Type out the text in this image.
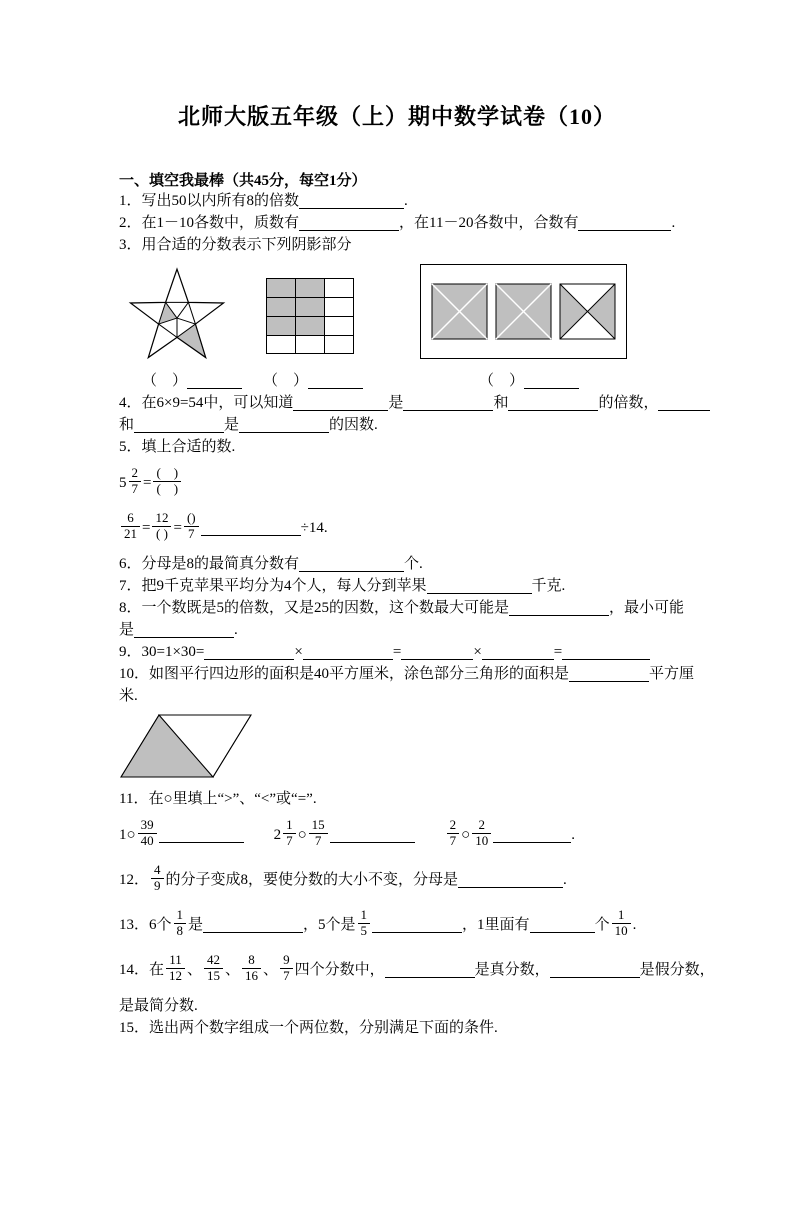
北师大版五年级（上）期中数学试卷（10）
一、填空我最棒（共45分，每空1分）
1．写出50以内所有8的倍数	.
2．在1－10各数中，质数有	，在11－20各数中，合数有	.
3．用合适的分数表示下列阴影部分
（　）	（　）	（　）
4．在6×9=54中，可以知道	是	和	的倍数，
和	是	的因数.
5．填上合适的数.
$5 \frac{2}{7} = \frac{( )}{( )}$
$\frac{6}{21} = \frac{12}{( )} = \frac{()}{7}$	÷14.
6．分母是8的最简真分数有	个.
7．把9千克苹果平均分为4个人，每人分到苹果	千克.
8．一个数既是5的倍数，又是25的因数，这个数最大可能是	，最小可能
是	.
9．30=1×30=	×	=	×	=
10．如图平行四边形的面积是40平方厘米，涂色部分三角形的面积是	平方厘
米.
11．在○里填上“>”、“<”或“=”.
1○ $\frac{39}{40}$	$2 \frac{1}{7}$ ○ $\frac{15}{7}$	$\frac{2}{7}$ ○ $\frac{2}{10}$	.
12． $\frac{4}{9}$ 的分子变成8，要使分数的大小不变，分母是	.
13．6个 $\frac{1}{8}$ 是	，5个是 $\frac{1}{5}$	，1里面有	个 $\frac{1}{10}$ .
14．在 $\frac{11}{12}$ 、 $\frac{42}{15}$ 、 $\frac{8}{16}$ 、 $\frac{9}{7}$ 四个分数中，	是真分数，	是假分数，
是最简分数.
15．选出两个数字组成一个两位数，分别满足下面的条件.
